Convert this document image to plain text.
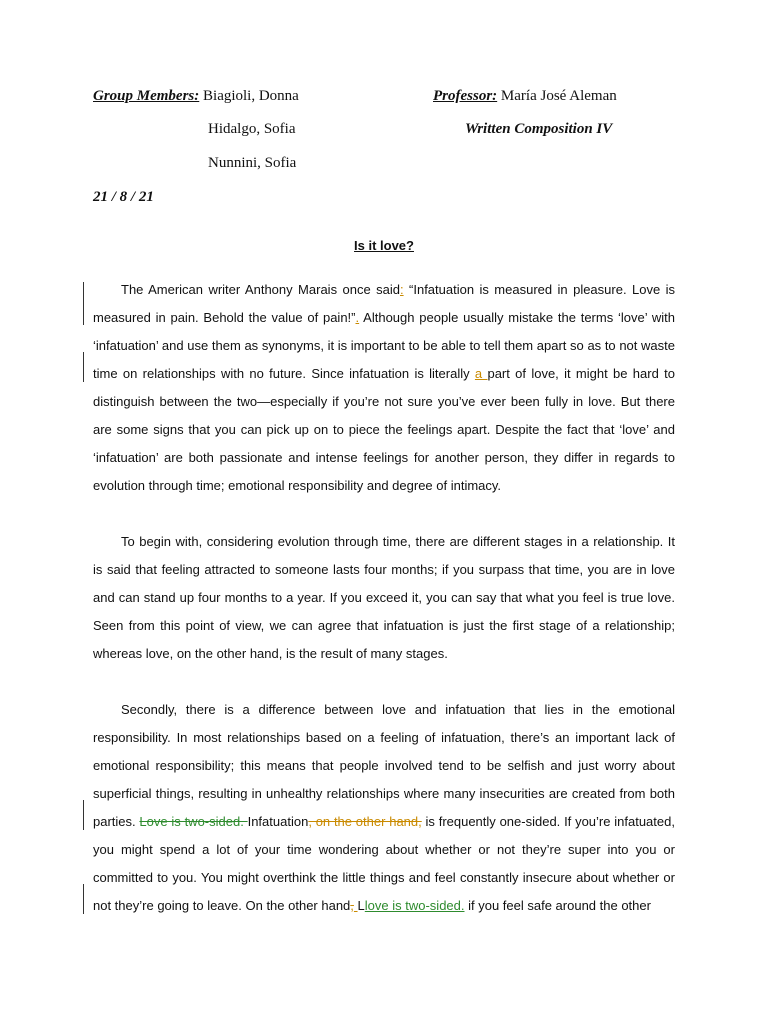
Group Members: Biagioli, Donna
Hidalgo, Sofia
Nunnini, Sofia
Professor: María José Aleman
Written Composition IV
21 / 8 / 21
Is it love?
The American writer Anthony Marais once said: “Infatuation is measured in pleasure. Love is measured in pain. Behold the value of pain!”. Although people usually mistake the terms ‘love’ with ‘infatuation’ and use them as synonyms, it is important to be able to tell them apart so as to not waste time on relationships with no future. Since infatuation is literally a part of love, it might be hard to distinguish between the two—especially if you’re not sure you’ve ever been fully in love. But there are some signs that you can pick up on to piece the feelings apart. Despite the fact that ‘love’ and ‘infatuation’ are both passionate and intense feelings for another person, they differ in regards to evolution through time; emotional responsibility and degree of intimacy.
To begin with, considering evolution through time, there are different stages in a relationship. It is said that feeling attracted to someone lasts four months; if you surpass that time, you are in love and can stand up four months to a year. If you exceed it, you can say that what you feel is true love. Seen from this point of view, we can agree that infatuation is just the first stage of a relationship; whereas love, on the other hand, is the result of many stages.
Secondly, there is a difference between love and infatuation that lies in the emotional responsibility. In most relationships based on a feeling of infatuation, there’s an important lack of emotional responsibility; this means that people involved tend to be selfish and just worry about superficial things, resulting in unhealthy relationships where many insecurities are created from both parties. Love is two-sided. Infatuation, on the other hand, is frequently one-sided. If you’re infatuated, you might spend a lot of your time wondering about whether or not they’re super into you or committed to you. You might overthink the little things and feel constantly insecure about whether or not they’re going to leave. On the other hand, Llove is two-sided. if you feel safe around the other
